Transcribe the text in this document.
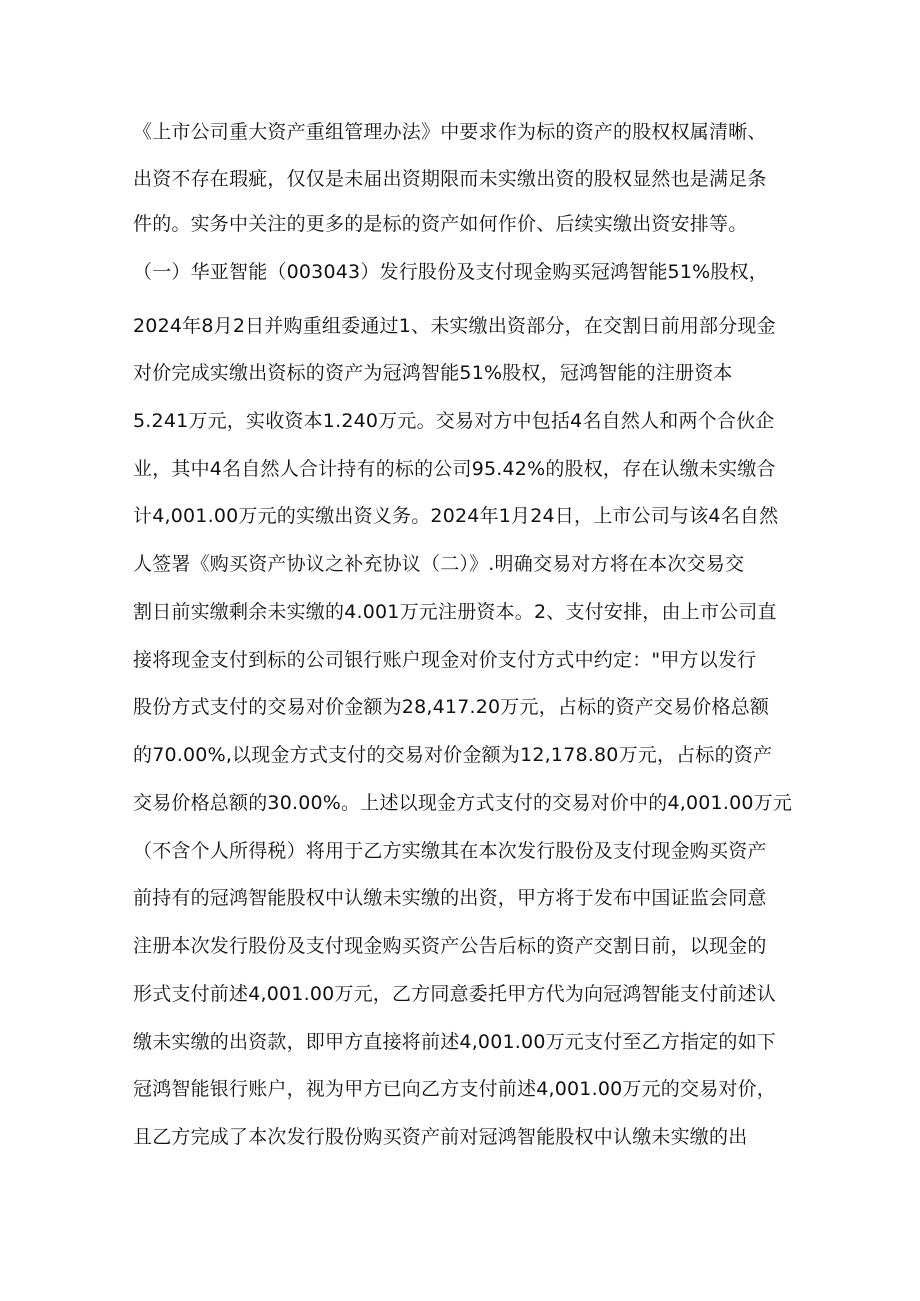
《上市公司重大资产重组管理办法》中要求作为标的资产的股权权属清晰、

出资不存在瑕疵，仅仅是未届出资期限而未实缴出资的股权显然也是满足条

件的。实务中关注的更多的是标的资产如何作价、后续实缴出资安排等。

（一）华亚智能（003043）发行股份及支付现金购买冠鸿智能51%股权，

2024年8月2日并购重组委通过1、未实缴出资部分，在交割日前用部分现金

对价完成实缴出资标的资产为冠鸿智能51%股权，冠鸿智能的注册资本

5.241万元，实收资本1.240万元。交易对方中包括4名自然人和两个合伙企

业，其中4名自然人合计持有的标的公司95.42%的股权，存在认缴未实缴合

计4,001.00万元的实缴出资义务。2024年1月24日，上市公司与该4名自然

人签署《购买资产协议之补充协议（二）》.明确交易对方将在本次交易交

割日前实缴剩余未实缴的4.001万元注册资本。2、支付安排，由上市公司直

接将现金支付到标的公司银行账户现金对价支付方式中约定："甲方以发行

股份方式支付的交易对价金额为28,417.20万元，占标的资产交易价格总额

的70.00%,以现金方式支付的交易对价金额为12,178.80万元，占标的资产

交易价格总额的30.00%。上述以现金方式支付的交易对价中的4,001.00万元

（不含个人所得税）将用于乙方实缴其在本次发行股份及支付现金购买资产

前持有的冠鸿智能股权中认缴未实缴的出资，甲方将于发布中国证监会同意

注册本次发行股份及支付现金购买资产公告后标的资产交割日前，以现金的

形式支付前述4,001.00万元，乙方同意委托甲方代为向冠鸿智能支付前述认

缴未实缴的出资款，即甲方直接将前述4,001.00万元支付至乙方指定的如下

冠鸿智能银行账户，视为甲方已向乙方支付前述4,001.00万元的交易对价，

且乙方完成了本次发行股份购买资产前对冠鸿智能股权中认缴未实缴的出
